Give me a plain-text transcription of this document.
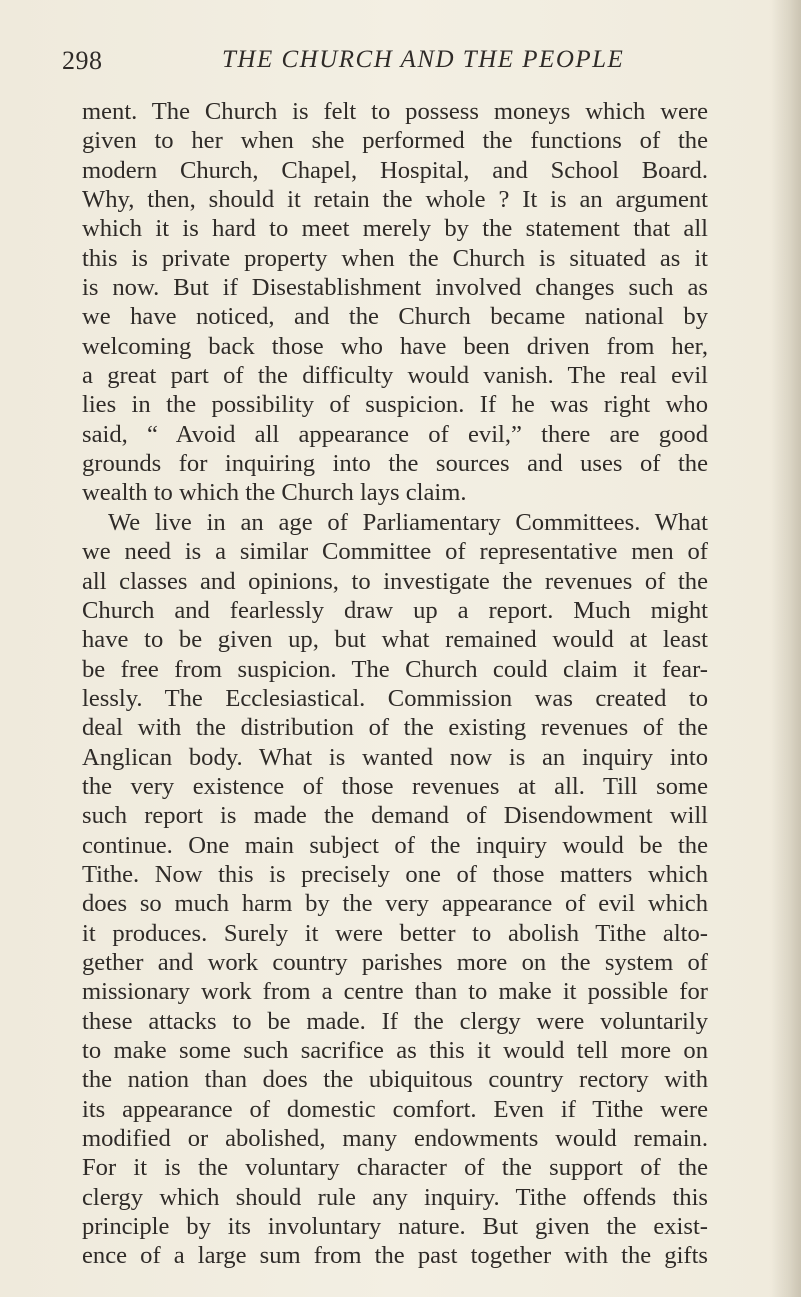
298	THE CHURCH AND THE PEOPLE
ment. The Church is felt to possess moneys which were
given to her when she performed the functions of the
modern Church, Chapel, Hospital, and School Board.
Why, then, should it retain the whole ? It is an argument
which it is hard to meet merely by the statement that all
this is private property when the Church is situated as it
is now. But if Disestablishment involved changes such as
we have noticed, and the Church became national by
welcoming back those who have been driven from her,
a great part of the difficulty would vanish. The real evil
lies in the possibility of suspicion. If he was right who
said, “ Avoid all appearance of evil,” there are good
grounds for inquiring into the sources and uses of the
wealth to which the Church lays claim.
We live in an age of Parliamentary Committees. What
we need is a similar Committee of representative men of
all classes and opinions, to investigate the revenues of the
Church and fearlessly draw up a report. Much might
have to be given up, but what remained would at least
be free from suspicion. The Church could claim it fear-
lessly. The Ecclesiastical. Commission was created to
deal with the distribution of the existing revenues of the
Anglican body. What is wanted now is an inquiry into
the very existence of those revenues at all. Till some
such report is made the demand of Disendowment will
continue. One main subject of the inquiry would be the
Tithe. Now this is precisely one of those matters which
does so much harm by the very appearance of evil which
it produces. Surely it were better to abolish Tithe alto-
gether and work country parishes more on the system of
missionary work from a centre than to make it possible for
these attacks to be made. If the clergy were voluntarily
to make some such sacrifice as this it would tell more on
the nation than does the ubiquitous country rectory with
its appearance of domestic comfort. Even if Tithe were
modified or abolished, many endowments would remain.
For it is the voluntary character of the support of the
clergy which should rule any inquiry. Tithe offends this
principle by its involuntary nature. But given the exist-
ence of a large sum from the past together with the gifts
